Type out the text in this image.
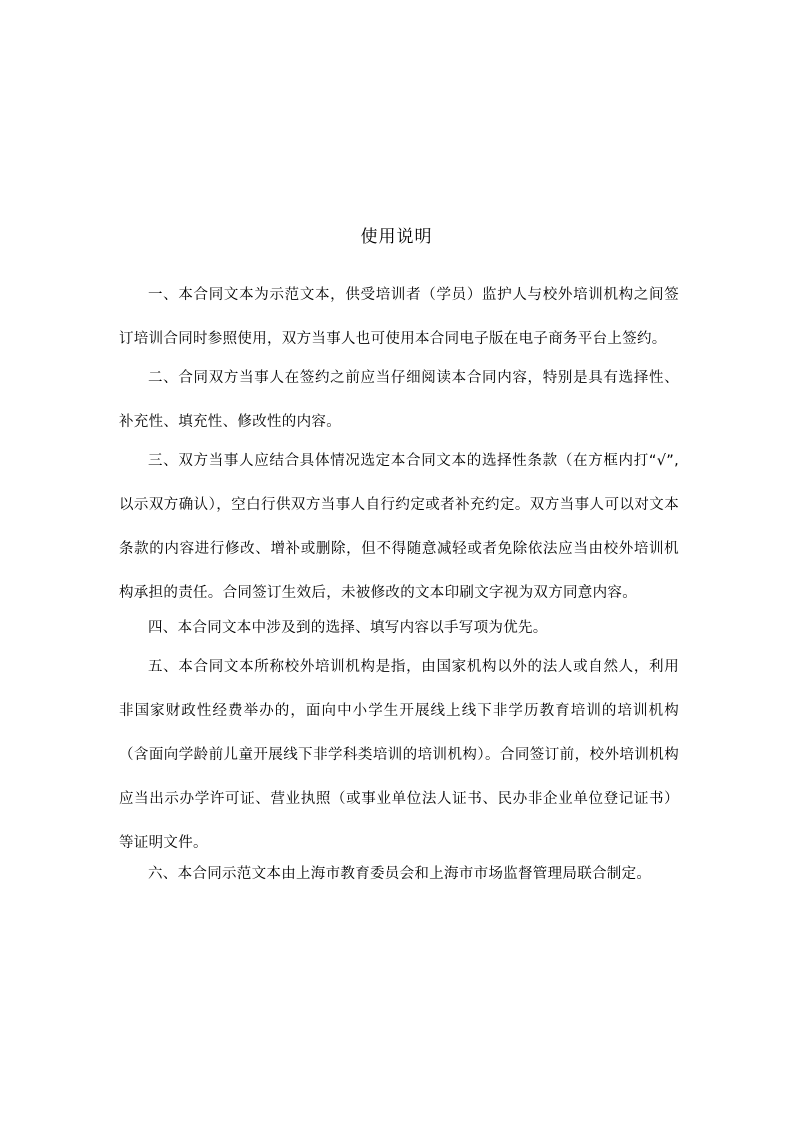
使用说明

一、本合同文本为示范文本，供受培训者（学员）监护人与校外培训机构之间签订培训合同时参照使用，双方当事人也可使用本合同电子版在电子商务平台上签约。

二、合同双方当事人在签约之前应当仔细阅读本合同内容，特别是具有选择性、补充性、填充性、修改性的内容。

三、双方当事人应结合具体情况选定本合同文本的选择性条款（在方框内打“√”,以示双方确认），空白行供双方当事人自行约定或者补充约定。双方当事人可以对文本条款的内容进行修改、增补或删除，但不得随意减轻或者免除依法应当由校外培训机构承担的责任。合同签订生效后，未被修改的文本印刷文字视为双方同意内容。

四、本合同文本中涉及到的选择、填写内容以手写项为优先。

五、本合同文本所称校外培训机构是指，由国家机构以外的法人或自然人，利用非国家财政性经费举办的，面向中小学生开展线上线下非学历教育培训的培训机构（含面向学龄前儿童开展线下非学科类培训的培训机构）。合同签订前，校外培训机构应当出示办学许可证、营业执照（或事业单位法人证书、民办非企业单位登记证书）等证明文件。

六、本合同示范文本由上海市教育委员会和上海市市场监督管理局联合制定。
